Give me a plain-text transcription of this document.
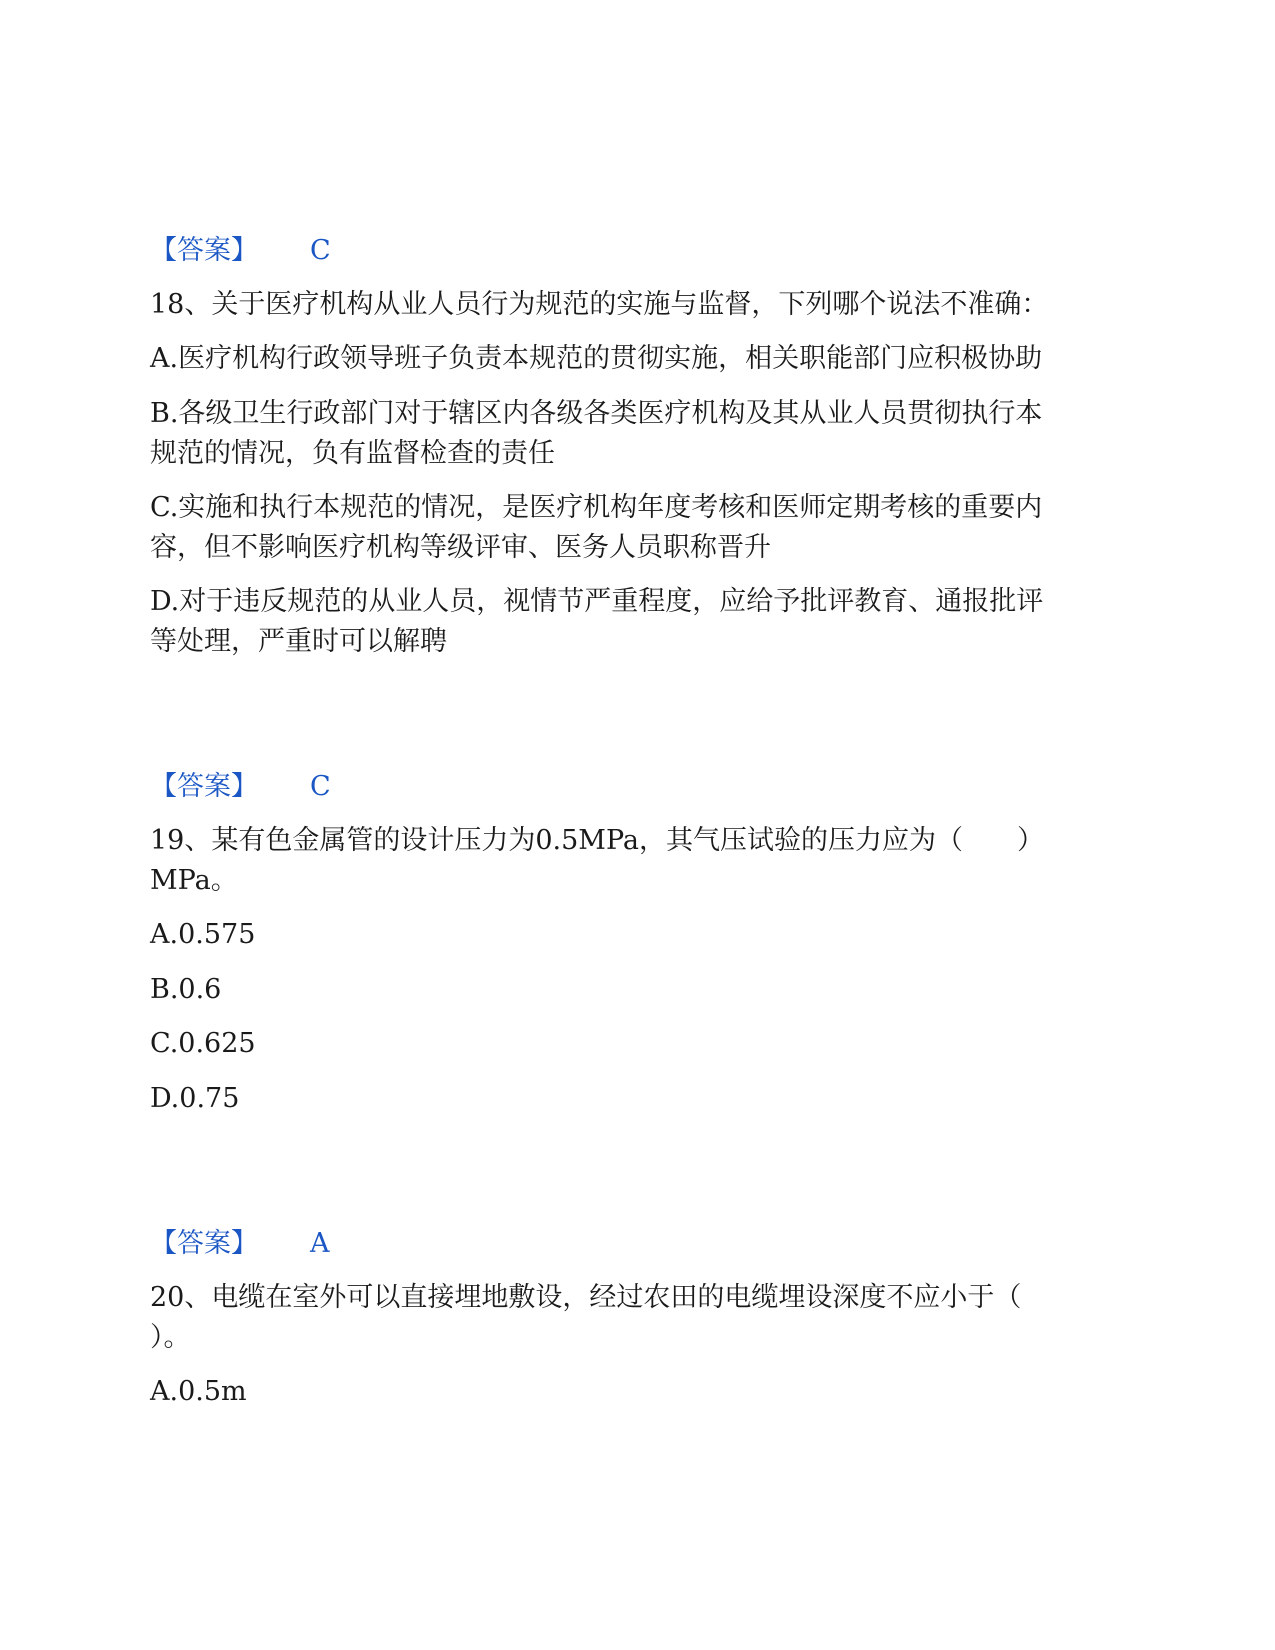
【答案】 C
18、关于医疗机构从业人员行为规范的实施与监督，下列哪个说法不准确：
A.医疗机构行政领导班子负责本规范的贯彻实施，相关职能部门应积极协助
B.各级卫生行政部门对于辖区内各级各类医疗机构及其从业人员贯彻执行本
规范的情况，负有监督检查的责任
C.实施和执行本规范的情况，是医疗机构年度考核和医师定期考核的重要内
容，但不影响医疗机构等级评审、医务人员职称晋升
D.对于违反规范的从业人员，视情节严重程度，应给予批评教育、通报批评
等处理，严重时可以解聘
【答案】 C
19、某有色金属管的设计压力为0.5MPa，其气压试验的压力应为（　　）
MPa。
A.0.575
B.0.6
C.0.625
D.0.75
【答案】 A
20、电缆在室外可以直接埋地敷设，经过农田的电缆埋设深度不应小于（
）。
A.0.5m
